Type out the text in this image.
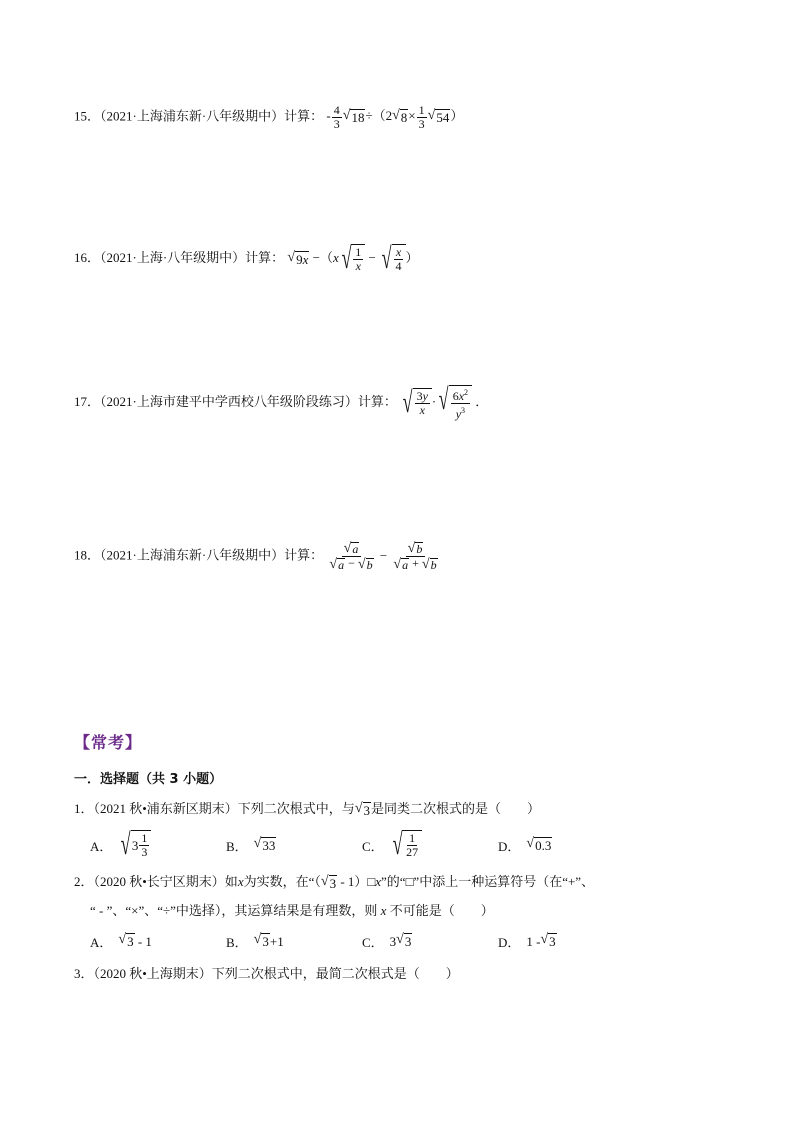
15．（2021·上海浦东新·八年级期中）计算： - $\frac{4}{3}$ √ 18 ÷（2 √ $8 \times \frac{1}{3}$ √ 54 ）
16．（2021·上海·八年级期中）计算： √ 9 x −（x √ $\frac{1}{x}$ − √ $\frac{x}{4}$ ）
17．（2021·上海市建平中学西校八年级阶段练习）计算： √ $\frac{3y}{x}$ · √ $\frac{6x^2}{y^3}$ ．
18．（2021·上海浦东新·八年级期中）计算： $\frac{√ a}{√ a - √ b} - \frac{√ b}{√ a + √ b}$
【常考】
一．选择题（共 3 小题）
1．（2021 秋•浦东新区期末）下列二次根式中，与 √ 3 是同类二次根式的是（　　）
A． √ $3 \frac{1}{3}$	B． √ 33	C． √ $\frac{1}{27}$	D． √ 0.3
2．（2020 秋•长宁区期末）如x为实数，在“（ √ 3 - 1）□x”的“□”中添上一种运算符号（在“+”、
“ - ”、“×”、“÷”中选择），其运算结果是有理数，则 x 不可能是（　　）
A． √ 3 - 1	B． √ 3 +1	C． 3 √ 3	D． 1 - √ 3
3．（2020 秋•上海期末）下列二次根式中，最简二次根式是（　　）
